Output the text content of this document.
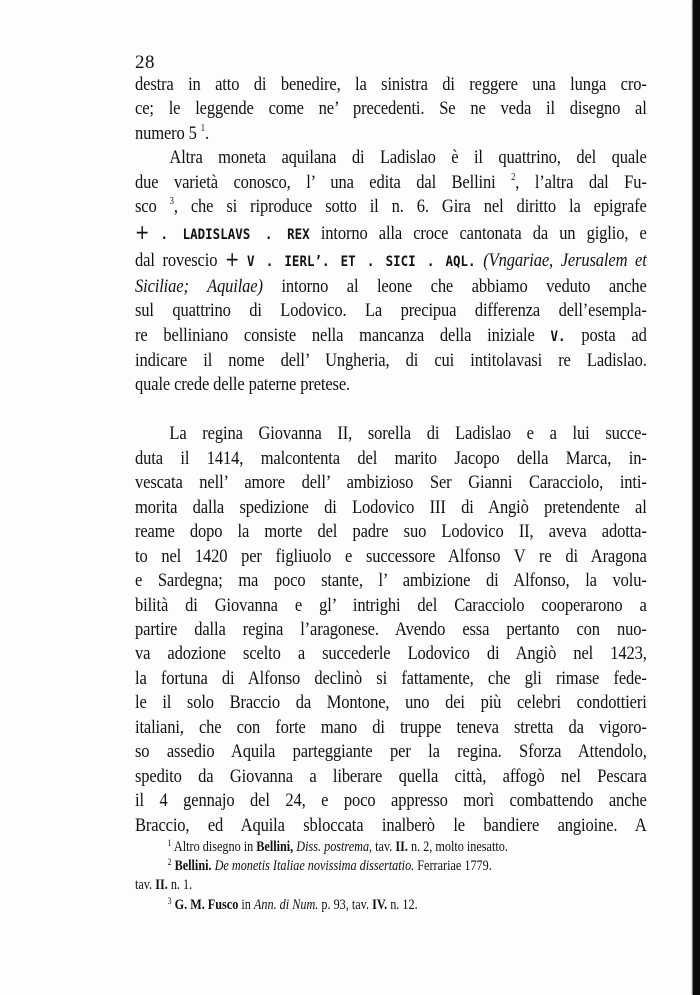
28
destra in atto di benedire, la sinistra di reggere una lunga cro-
ce; le leggende come ne’ precedenti. Se ne veda il disegno al
numero 5 $^1$.
Altra moneta aquilana di Ladislao è il quattrino, del quale
due varietà conosco, l’ una edita dal Bellini $^2$, l’altra dal Fu-
sco $^3$, che si riproduce sotto il n. 6. Gira nel diritto la epigrafe
+ . LADISLAVS . REX intorno alla croce cantonata da un giglio, e
dal rovescio + V . IERL’. ET . SICI . AQL. (Vngariae, Jerusalem et
Siciliae; Aquilae) intorno al leone che abbiamo veduto anche
sul quattrino di Lodovico. La precipua differenza dell’esempla-
re belliniano consiste nella mancanza della iniziale V. posta ad
indicare il nome dell’ Ungheria, di cui intitolavasi re Ladislao.
quale crede delle paterne pretese.
La regina Giovanna II, sorella di Ladislao e a lui succe-
duta il 1414, malcontenta del marito Jacopo della Marca, in-
vescata nell’ amore dell’ ambizioso Ser Gianni Caracciolo, inti-
morita dalla spedizione di Lodovico III di Angiò pretendente al
reame dopo la morte del padre suo Lodovico II, aveva adotta-
to nel 1420 per figliuolo e successore Alfonso V re di Aragona
e Sardegna; ma poco stante, l’ ambizione di Alfonso, la volu-
bilità di Giovanna e gl’ intrighi del Caracciolo cooperarono a
partire dalla regina l’aragonese. Avendo essa pertanto con nuo-
va adozione scelto a succederle Lodovico di Angiò nel 1423,
la fortuna di Alfonso declinò si fattamente, che gli rimase fede-
le il solo Braccio da Montone, uno dei più celebri condottieri
italiani, che con forte mano di truppe teneva stretta da vigoro-
so assedio Aquila parteggiante per la regina. Sforza Attendolo,
spedito da Giovanna a liberare quella città, affogò nel Pescara
il 4 gennajo del 24, e poco appresso morì combattendo anche
Braccio, ed Aquila sbloccata inalberò le bandiere angioine. A
$^1$ Altro disegno in Bellini, Diss. postrema, tav. II. n. 2, molto inesatto.
$^2$ Bellini. De monetis Italiae novissima dissertatio. Ferrariae 1779.
tav. II. n. 1.
$^3$ G. M. Fusco in Ann. di Num. p. 93, tav. IV. n. 12.
